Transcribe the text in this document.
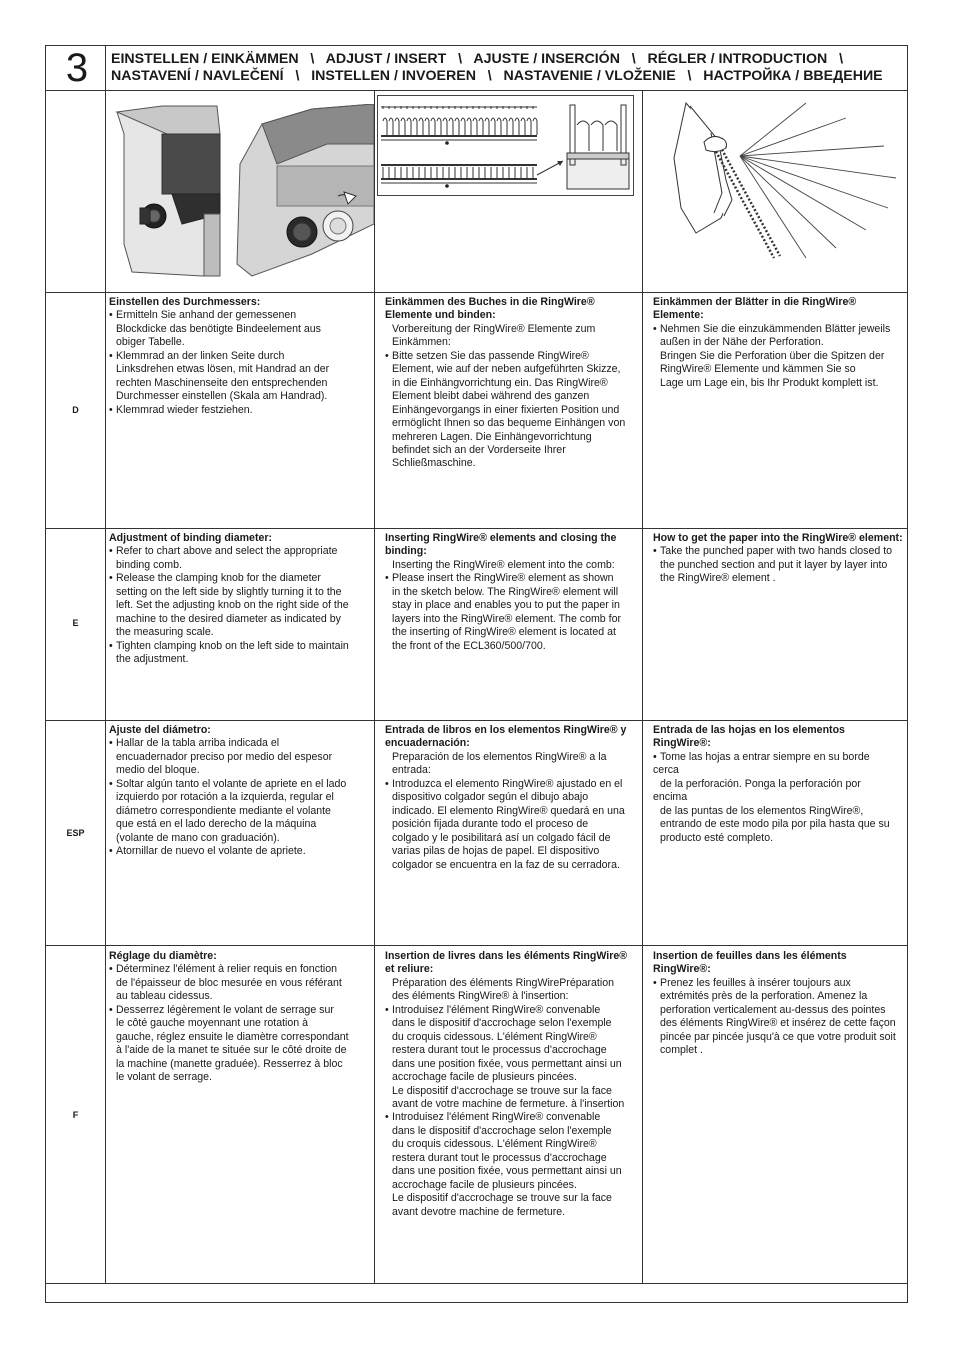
3	EINSTELLEN / EINKÄMMEN   \   ADJUST / INSERT   \   AJUSTE / INSERCIÓN   \   RÉGLER / INTRODUCTION   \
NASTAVENÍ / NAVLEČENÍ   \   INSTELLEN / INVOEREN   \   NASTAVENIE / VLOŽENIE   \   НАСТРОЙКА / ВВЕДЕНИЕ
D
E
ESP
F
Einstellen des Durchmessers:
• Ermitteln Sie anhand der gemessenen
Blockdicke das benötigte Bindeelement aus
obiger Tabelle.
• Klemmrad an der linken Seite durch
Linksdrehen etwas lösen, mit Handrad an der
rechten Maschinenseite den entsprechenden
Durchmesser einstellen (Skala am Handrad).
• Klemmrad wieder festziehen.
Einkämmen des Buches in die RingWire® Elemente und binden:
Vorbereitung der RingWire® Elemente zum
Einkämmen:
• Bitte setzen Sie das passende RingWire®
Element, wie auf der neben aufgeführten Skizze,
in die Einhängvorrichtung ein. Das RingWire®
Element bleibt dabei während des ganzen
Einhängevorgangs in einer fixierten Position und
ermöglicht Ihnen so das bequeme Einhängen von
mehreren Lagen. Die Einhängevorrichtung
befindet sich an der Vorderseite Ihrer
Schließmaschine.
Einkämmen der Blätter in die RingWire® Elemente:
• Nehmen Sie die einzukämmenden Blätter jeweils
außen in der Nähe der Perforation.
Bringen Sie die Perforation über die Spitzen der
RingWire® Elemente und kämmen Sie so
Lage um Lage ein, bis Ihr Produkt komplett ist.
Adjustment of binding diameter:
• Refer to chart above and select the appropriate
binding comb.
• Release the clamping knob for the diameter
setting on the left side by slightly turning it to the
left. Set the adjusting knob on the right side of the
machine to the desired diameter as indicated by
the measuring scale.
• Tighten clamping knob on the left side to maintain
the adjustment.
Inserting RingWire® elements and closing the binding:
Inserting the RingWire® element into the comb:
• Please insert the RingWire® element as shown
in the sketch below. The RingWire® element will
stay in place and enables you to put the paper in
layers into the RingWire® element. The comb for
the inserting of RingWire® element is located at
the front of the ECL360/500/700.
How to get the paper into the RingWire® element:
• Take the punched paper with two hands closed to
the punched section and put it layer by layer into
the RingWire® element .
Ajuste del diámetro:
• Hallar de la tabla arriba indicada el
encuadernador preciso por medio del espesor
medio del bloque.
• Soltar algún tanto el volante de apriete en el lado
izquierdo por rotación a la izquierda, regular el
diámetro correspondiente mediante el volante
que está en el lado derecho de la máquina
(volante de mano con graduación).
• Atornillar de nuevo el volante de apriete.
Entrada de libros en los elementos RingWire® y encuadernación:
Preparación de los elementos RingWire® a la
entrada:
• Introduzca el elemento RingWire® ajustado en el
dispositivo colgador según el dibujo abajo
indicado. El elemento RingWire® quedará en una
posición fijada durante todo el proceso de
colgado y le posibilitará así un colgado fácil de
varias pilas de hojas de papel. El dispositivo
colgador se encuentra en la faz de su cerradora.
Entrada de las hojas en los elementos RingWire®:
• Tome las hojas a entrar siempre en su borde
cerca
de la perforación. Ponga la perforación por
encima
de las puntas de los elementos RingWire®,
entrando de este modo pila por pila hasta que su
producto esté completo.
Réglage du diamètre:
• Déterminez l'élément à relier requis en fonction
de l'épaisseur de bloc mesurée en vous référant
au tableau cidessus.
• Desserrez légèrement le volant de serrage sur
le côté gauche moyennant une rotation à
gauche, réglez ensuite le diamètre correspondant
à l'aide de la manet te située sur le côté droite de
la machine (manette graduée). Resserrez à bloc
le volant de serrage.
Insertion de livres dans les éléments RingWire® et reliure:
Préparation des éléments RingWirePréparation
des éléments RingWire® à l'insertion:
• Introduisez l'élément RingWire® convenable
dans le dispositif d'accrochage selon l'exemple
du croquis cidessous. L'élément RingWire®
restera durant tout le processus d'accrochage
dans une position fixée, vous permettant ainsi un
accrochage facile de plusieurs pincées.
Le dispositif d'accrochage se trouve sur la face
avant de votre machine de fermeture. à l'insertion
• Introduisez l'élément RingWire® convenable
dans le dispositif d'accrochage selon l'exemple
du croquis cidessous. L'élément RingWire®
restera durant tout le processus d'accrochage
dans une position fixée, vous permettant ainsi un
accrochage facile de plusieurs pincées.
Le dispositif d'accrochage se trouve sur la face
avant devotre machine de fermeture.
Insertion de feuilles dans les éléments RingWire®:
• Prenez les feuilles à insérer toujours aux
extrémités près de la perforation. Amenez la
perforation verticalement au-dessus des pointes
des éléments RingWire® et insérez de cette façon
pincée par pincée jusqu'à ce que votre produit soit
complet .
